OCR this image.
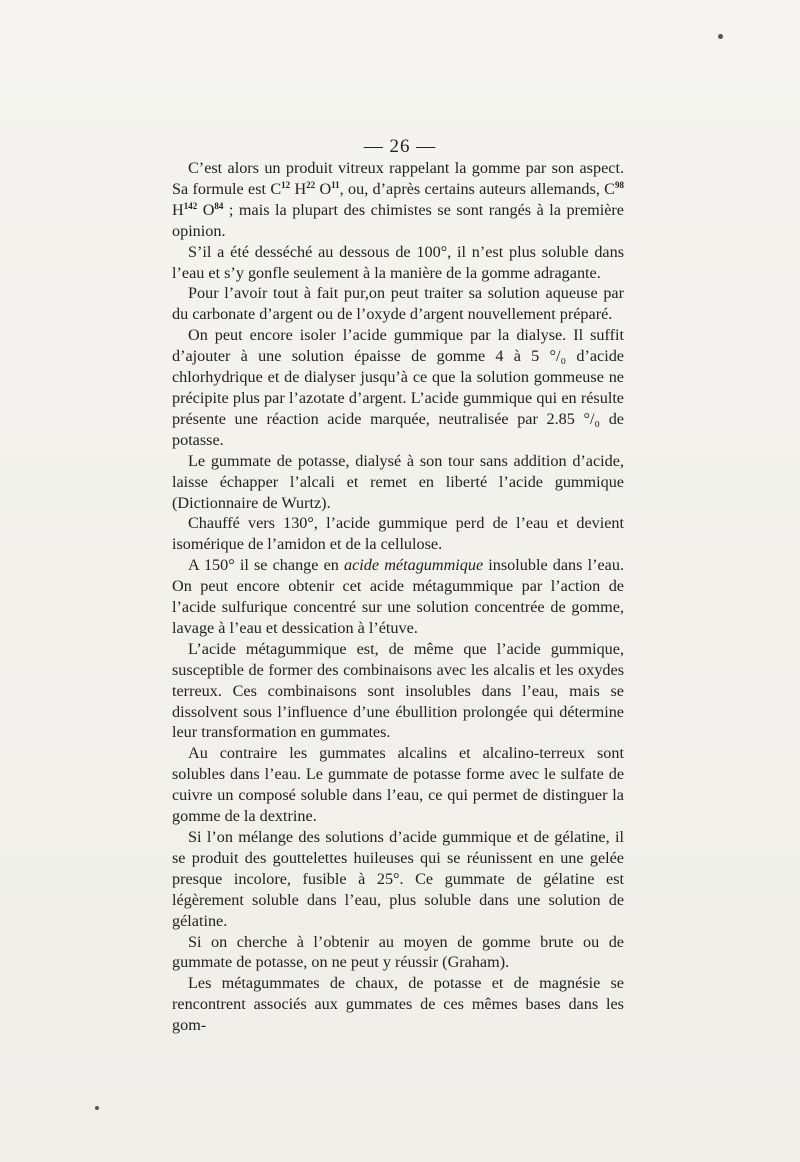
— 26 —

C’est alors un produit vitreux rappelant la gomme par son aspect. Sa formule est $C^{12}$ $H^{22}$ $O^{11}$, ou, d’après certains auteurs allemands, $C^{98}$ $H^{142}$ $O^{84}$ ; mais la plupart des chimistes se sont rangés à la première opinion.

S’il a été desséché au dessous de 100°, il n’est plus soluble dans l’eau et s’y gonfle seulement à la manière de la gomme adragante.

Pour l’avoir tout à fait pur,on peut traiter sa solution aqueuse par du carbonate d’argent ou de l’oxyde d’argent nouvellement préparé.

On peut encore isoler l’acide gummique par la dialyse. Il suffit d’ajouter à une solution épaisse de gomme 4 à 5 °/₀ d’acide chlorhydrique et de dialyser jusqu’à ce que la solution gommeuse ne précipite plus par l’azotate d’argent. L’acide gummique qui en résulte présente une réaction acide marquée, neutralisée par 2.85 °/₀ de potasse.

Le gummate de potasse, dialysé à son tour sans addition d’acide, laisse échapper l’alcali et remet en liberté l’acide gummique (Dictionnaire de Wurtz).

Chauffé vers 130°, l’acide gummique perd de l’eau et devient isomérique de l’amidon et de la cellulose.

A 150° il se change en acide métagummique insoluble dans l’eau. On peut encore obtenir cet acide métagummique par l’action de l’acide sulfurique concentré sur une solution concentrée de gomme, lavage à l’eau et dessication à l’étuve.

L’acide métagummique est, de même que l’acide gummique, susceptible de former des combinaisons avec les alcalis et les oxydes terreux. Ces combinaisons sont insolubles dans l’eau, mais se dissolvent sous l’influence d’une ébullition prolongée qui détermine leur transformation en gummates.

Au contraire les gummates alcalins et alcalino-terreux sont solubles dans l’eau. Le gummate de potasse forme avec le sulfate de cuivre un composé soluble dans l’eau, ce qui permet de distinguer la gomme de la dextrine.

Si l’on mélange des solutions d’acide gummique et de gélatine, il se produit des gouttelettes huileuses qui se réunissent en une gelée presque incolore, fusible à 25°. Ce gummate de gélatine est légèrement soluble dans l’eau, plus soluble dans une solution de gélatine.

Si on cherche à l’obtenir au moyen de gomme brute ou de gummate de potasse, on ne peut y réussir (Graham).

Les métagummates de chaux, de potasse et de magnésie se rencontrent associés aux gummates de ces mêmes bases dans les gom-
